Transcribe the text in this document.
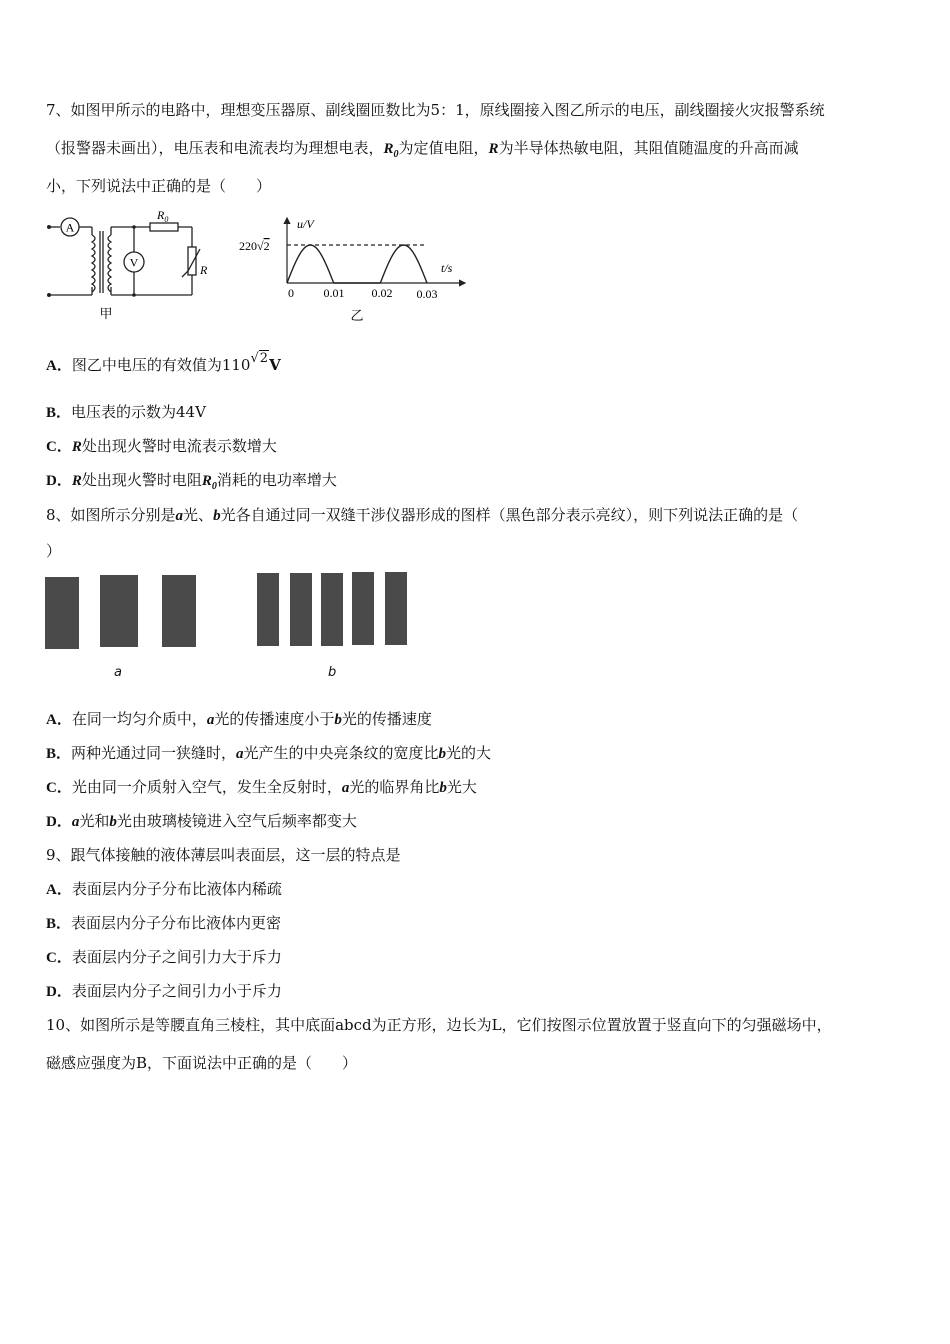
7、如图甲所示的电路中，理想变压器原、副线圈匝数比为5：1，原线圈接入图乙所示的电压，副线圈接火灾报警系统
（报警器未画出），电压表和电流表均为理想电表，$R_0$为定值电阻，R为半导体热敏电阻，其阻值随温度的升高而减
小，下列说法中正确的是（　　）
A
V
$R_0$
R
甲
u/V
t/s
220√2
0 0.01 0.02 0.03
乙
A．图乙中电压的有效值为110√2V
B．电压表的示数为44V
C．R处出现火警时电流表示数增大
D．R处出现火警时电阻$R_0$消耗的电功率增大
8、如图所示分别是a光、b光各自通过同一双缝干涉仪器形成的图样（黑色部分表示亮纹），则下列说法正确的是（
）
a	b
A．在同一均匀介质中，a光的传播速度小于b光的传播速度
B．两种光通过同一狭缝时，a光产生的中央亮条纹的宽度比b光的大
C．光由同一介质射入空气，发生全反射时，a光的临界角比b光大
D．a光和b光由玻璃棱镜进入空气后频率都变大
9、跟气体接触的液体薄层叫表面层，这一层的特点是
A．表面层内分子分布比液体内稀疏
B．表面层内分子分布比液体内更密
C．表面层内分子之间引力大于斥力
D．表面层内分子之间引力小于斥力
10、如图所示是等腰直角三棱柱，其中底面abcd为正方形，边长为L，它们按图示位置放置于竖直向下的匀强磁场中，
磁感应强度为B，下面说法中正确的是（　　）
